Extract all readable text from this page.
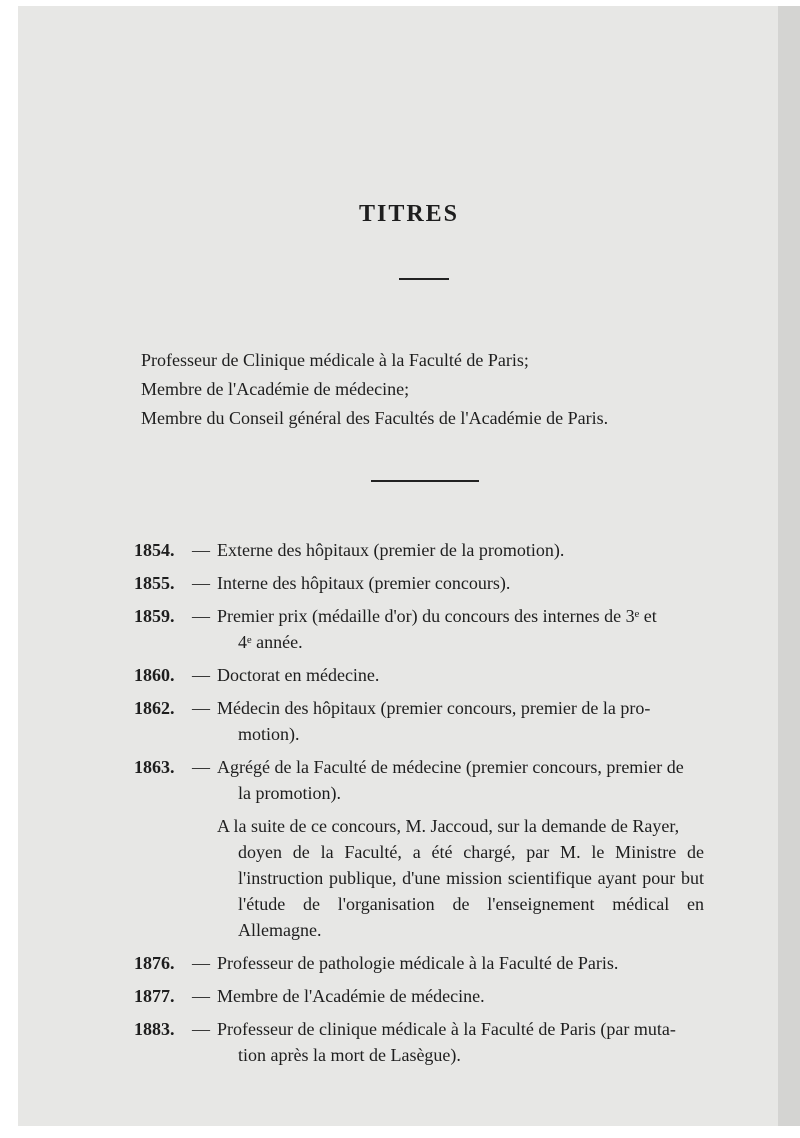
TITRES
Professeur de Clinique médicale à la Faculté de Paris;
Membre de l'Académie de médecine;
Membre du Conseil général des Facultés de l'Académie de Paris.
1854. — Externe des hôpitaux (premier de la promotion).
1855. — Interne des hôpitaux (premier concours).
1859. — Premier prix (médaille d'or) du concours des internes de 3ᵉ et
4ᵉ année.
1860. — Doctorat en médecine.
1862. — Médecin des hôpitaux (premier concours, premier de la pro-
motion).
1863. — Agrégé de la Faculté de médecine (premier concours, premier de
la promotion).
A la suite de ce concours, M. Jaccoud, sur la demande de Rayer,
doyen de la Faculté, a été chargé, par M. le Ministre de l'instruction publique, d'une mission scientifique ayant pour but l'étude de l'organisation de l'enseignement médical en Allemagne.
1876. — Professeur de pathologie médicale à la Faculté de Paris.
1877. — Membre de l'Académie de médecine.
1883. — Professeur de clinique médicale à la Faculté de Paris (par muta-
tion après la mort de Lasègue).
